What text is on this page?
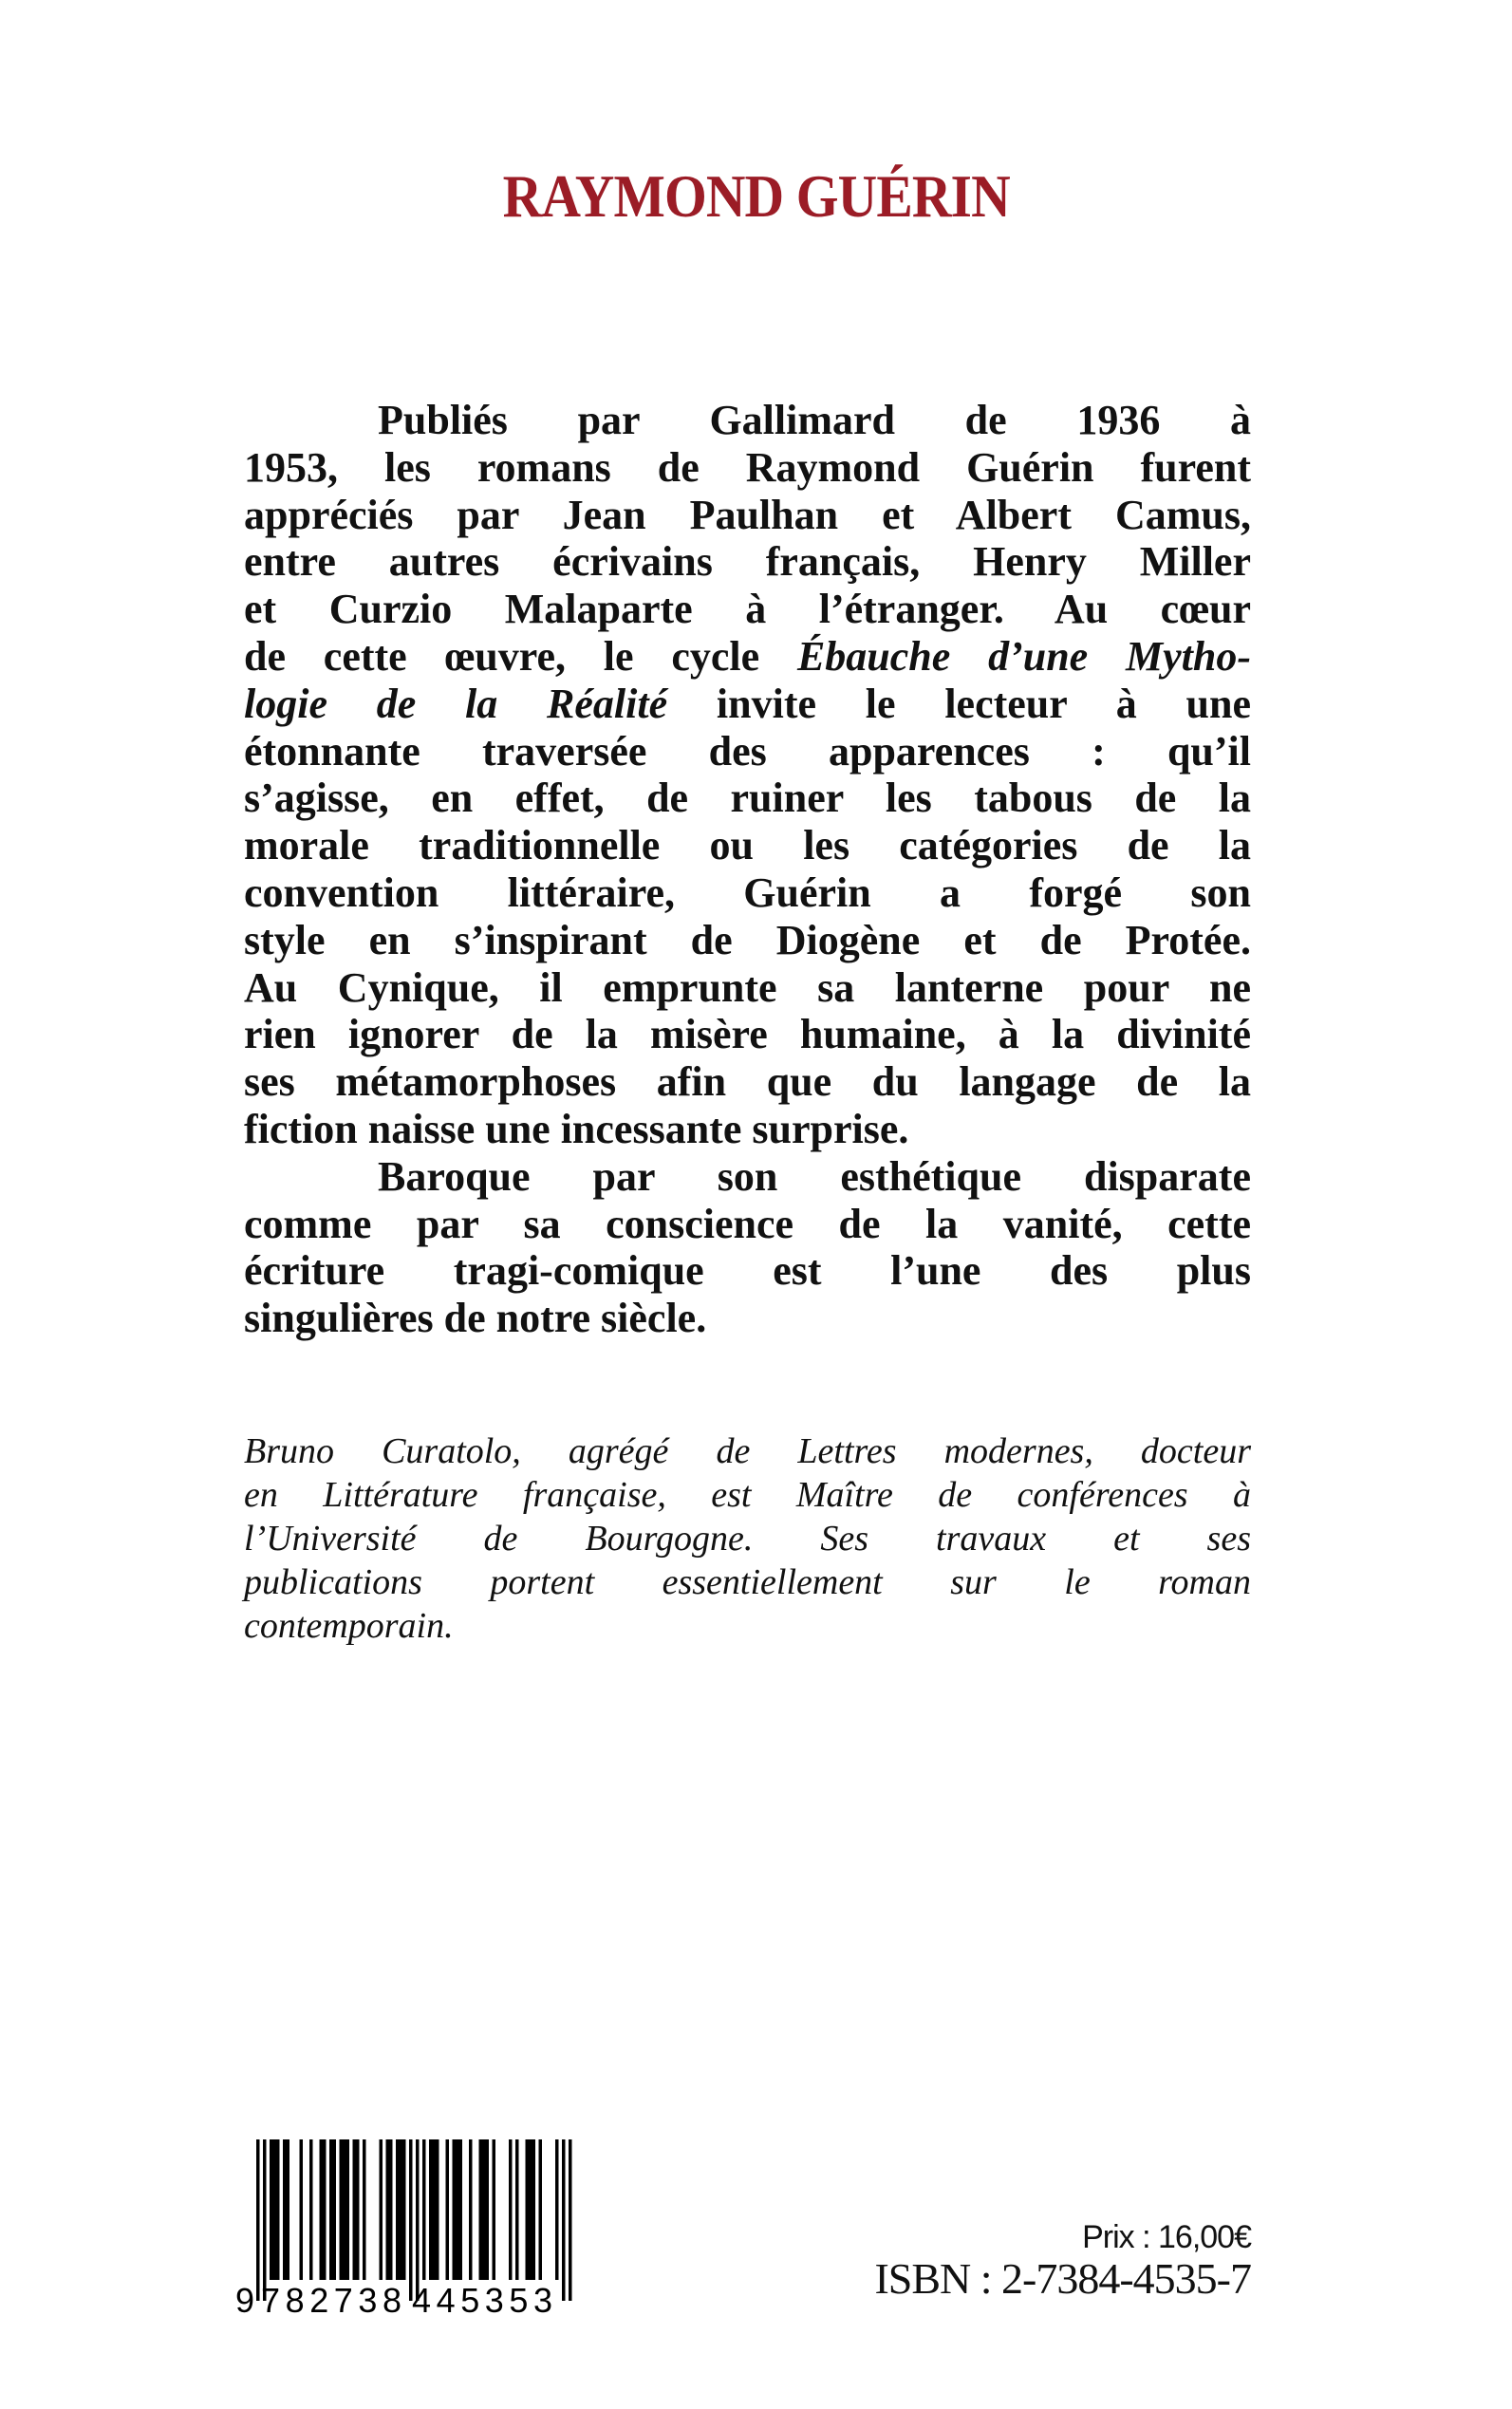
RAYMOND GUÉRIN
Publiés par Gallimard de 1936 à
1953, les romans de Raymond Guérin furent
appréciés par Jean Paulhan et Albert Camus,
entre autres écrivains français, Henry Miller
et Curzio Malaparte à l’étranger. Au cœur
de cette œuvre, le cycle Ébauche d’une Mytho-
logie de la Réalité invite le lecteur à une
étonnante traversée des apparences : qu’il
s’agisse, en effet, de ruiner les tabous de la
morale traditionnelle ou les catégories de la
convention littéraire, Guérin a forgé son
style en s’inspirant de Diogène et de Protée.
Au Cynique, il emprunte sa lanterne pour ne
rien ignorer de la misère humaine, à la divinité
ses métamorphoses afin que du langage de la
fiction naisse une incessante surprise.
Baroque par son esthétique disparate
comme par sa conscience de la vanité, cette
écriture tragi-comique est l’une des plus
singulières de notre siècle.
Bruno Curatolo, agrégé de Lettres modernes, docteur
en Littérature française, est Maître de conférences à
l’Université de Bourgogne. Ses travaux et ses
publications portent essentiellement sur le roman
contemporain.
9 782738 445353
Prix : 16,00€
ISBN : 2-7384-4535-7
